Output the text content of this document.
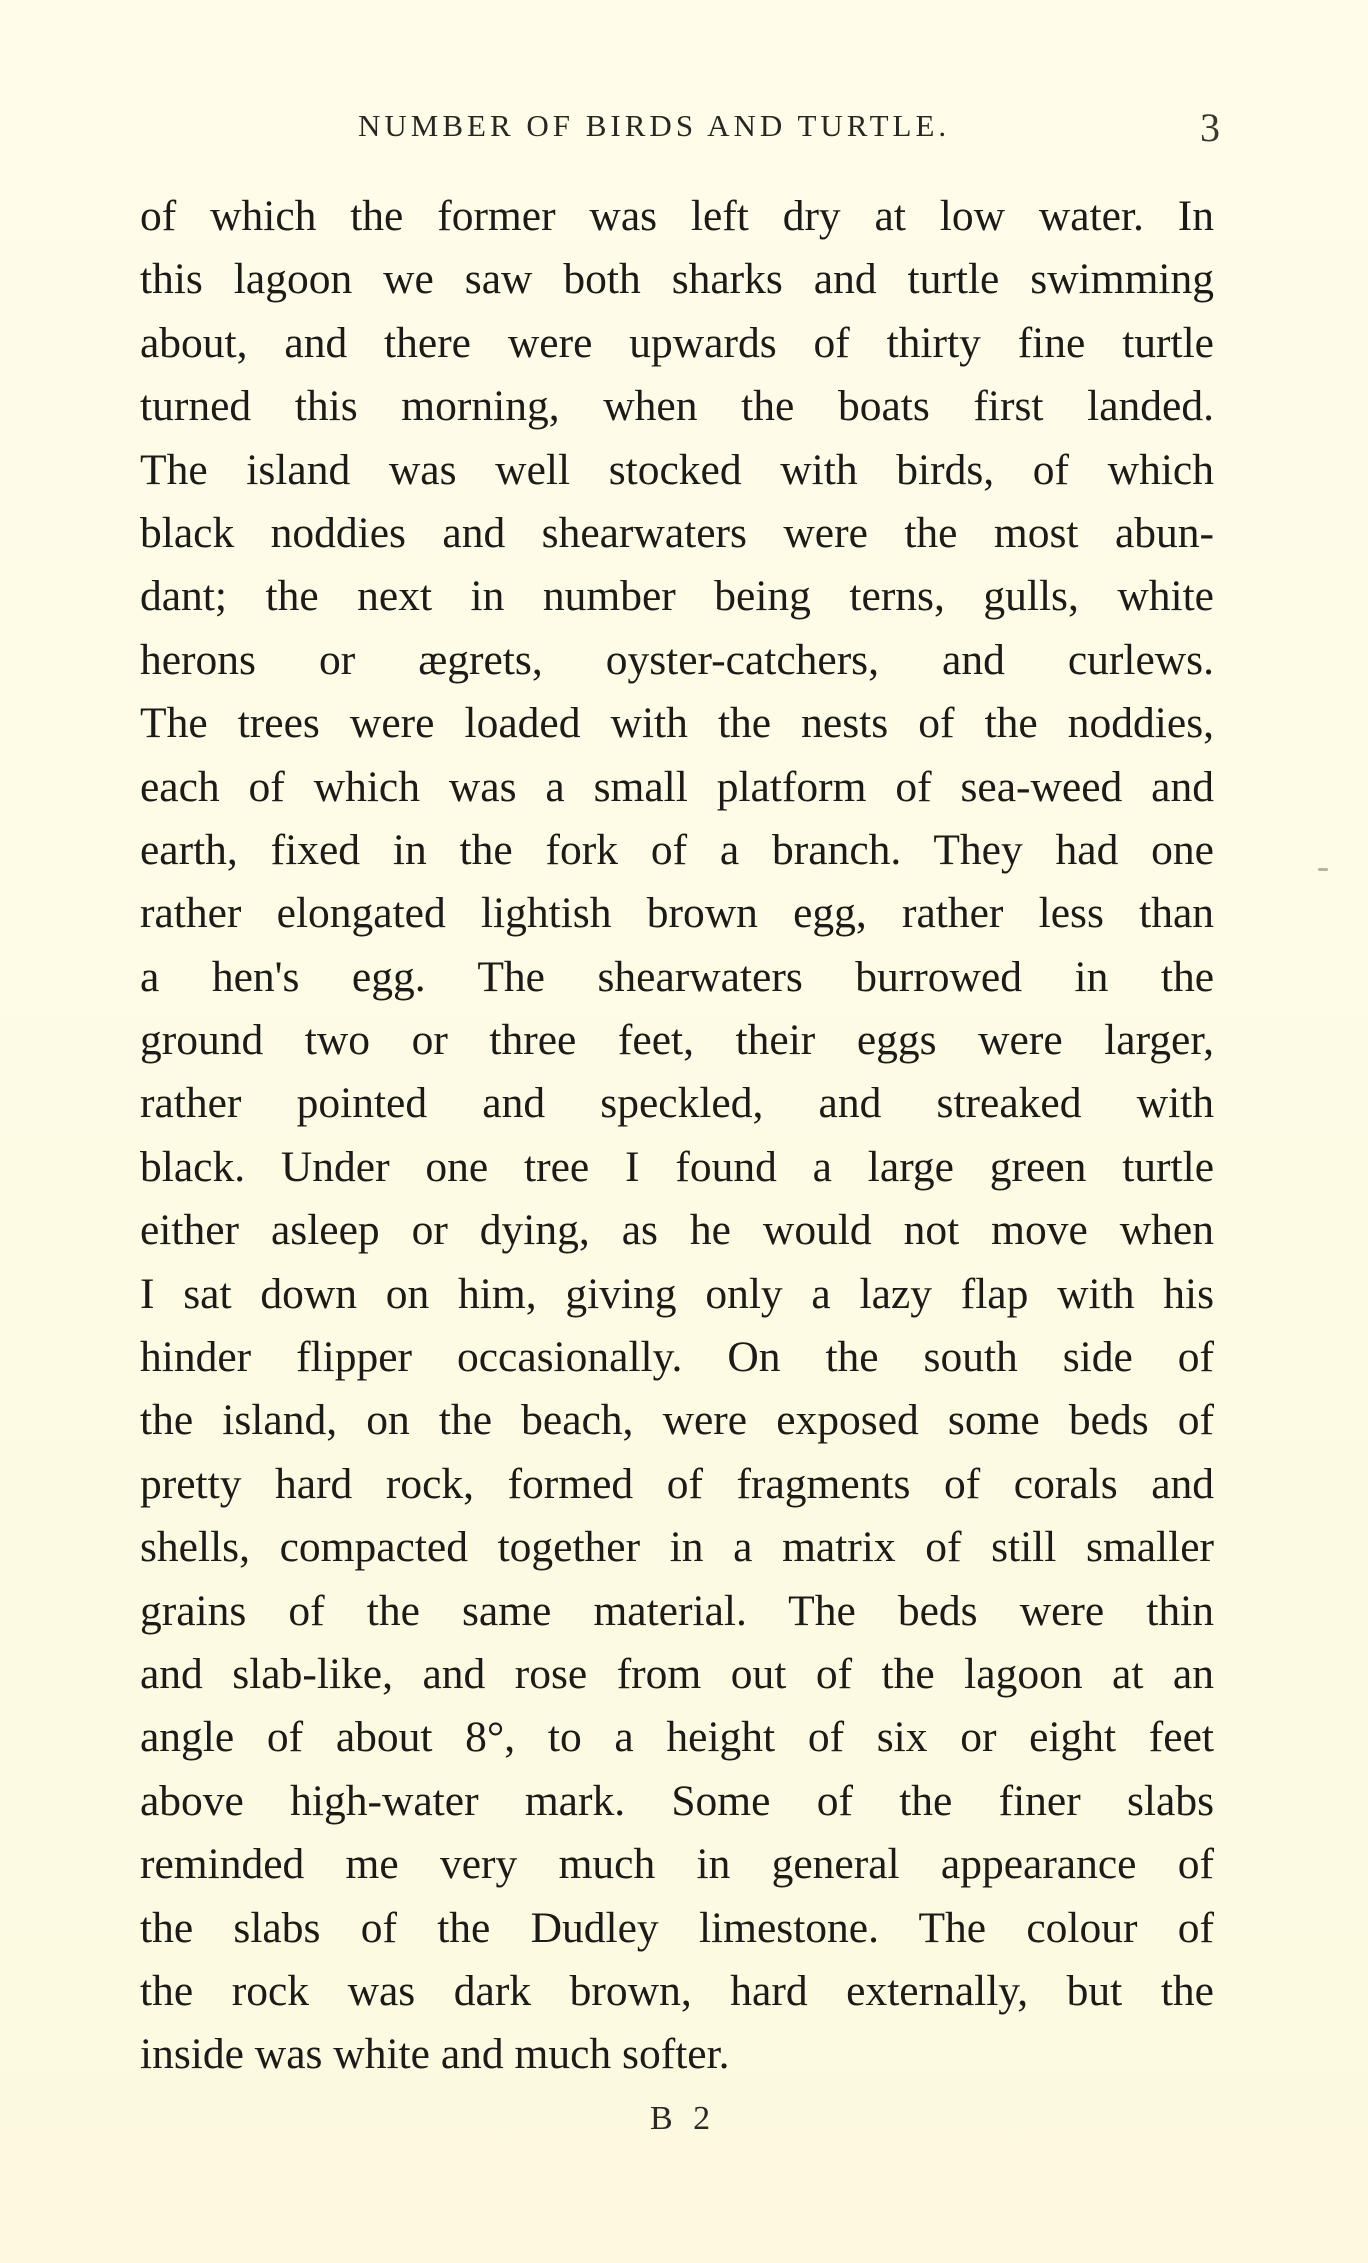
NUMBER OF BIRDS AND TURTLE.	3
of which the former was left dry at low water. In
this lagoon we saw both sharks and turtle swimming
about, and there were upwards of thirty fine turtle
turned this morning, when the boats first landed.
The island was well stocked with birds, of which
black noddies and shearwaters were the most abun-
dant; the next in number being terns, gulls, white
herons or ægrets, oyster-catchers, and curlews.
The trees were loaded with the nests of the noddies,
each of which was a small platform of sea-weed and
earth, fixed in the fork of a branch. They had one
rather elongated lightish brown egg, rather less than
a hen's egg. The shearwaters burrowed in the
ground two or three feet, their eggs were larger,
rather pointed and speckled, and streaked with
black. Under one tree I found a large green turtle
either asleep or dying, as he would not move when
I sat down on him, giving only a lazy flap with his
hinder flipper occasionally. On the south side of
the island, on the beach, were exposed some beds of
pretty hard rock, formed of fragments of corals and
shells, compacted together in a matrix of still smaller
grains of the same material. The beds were thin
and slab-like, and rose from out of the lagoon at an
angle of about 8°, to a height of six or eight feet
above high-water mark. Some of the finer slabs
reminded me very much in general appearance of
the slabs of the Dudley limestone. The colour of
the rock was dark brown, hard externally, but the
inside was white and much softer.
B 2
